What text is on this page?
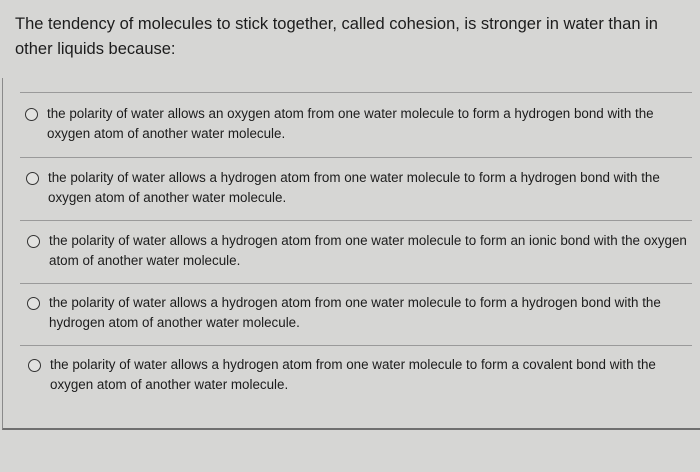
The tendency of molecules to stick together, called cohesion, is stronger in water than in other liquids because:
the polarity of water allows an oxygen atom from one water molecule to form a hydrogen bond with the oxygen atom of another water molecule.
the polarity of water allows a hydrogen atom from one water molecule to form a hydrogen bond with the oxygen atom of another water molecule.
the polarity of water allows a hydrogen atom from one water molecule to form an ionic bond with the oxygen atom of another water molecule.
the polarity of water allows a hydrogen atom from one water molecule to form a hydrogen bond with the hydrogen atom of another water molecule.
the polarity of water allows a hydrogen atom from one water molecule to form a covalent bond with the oxygen atom of another water molecule.
